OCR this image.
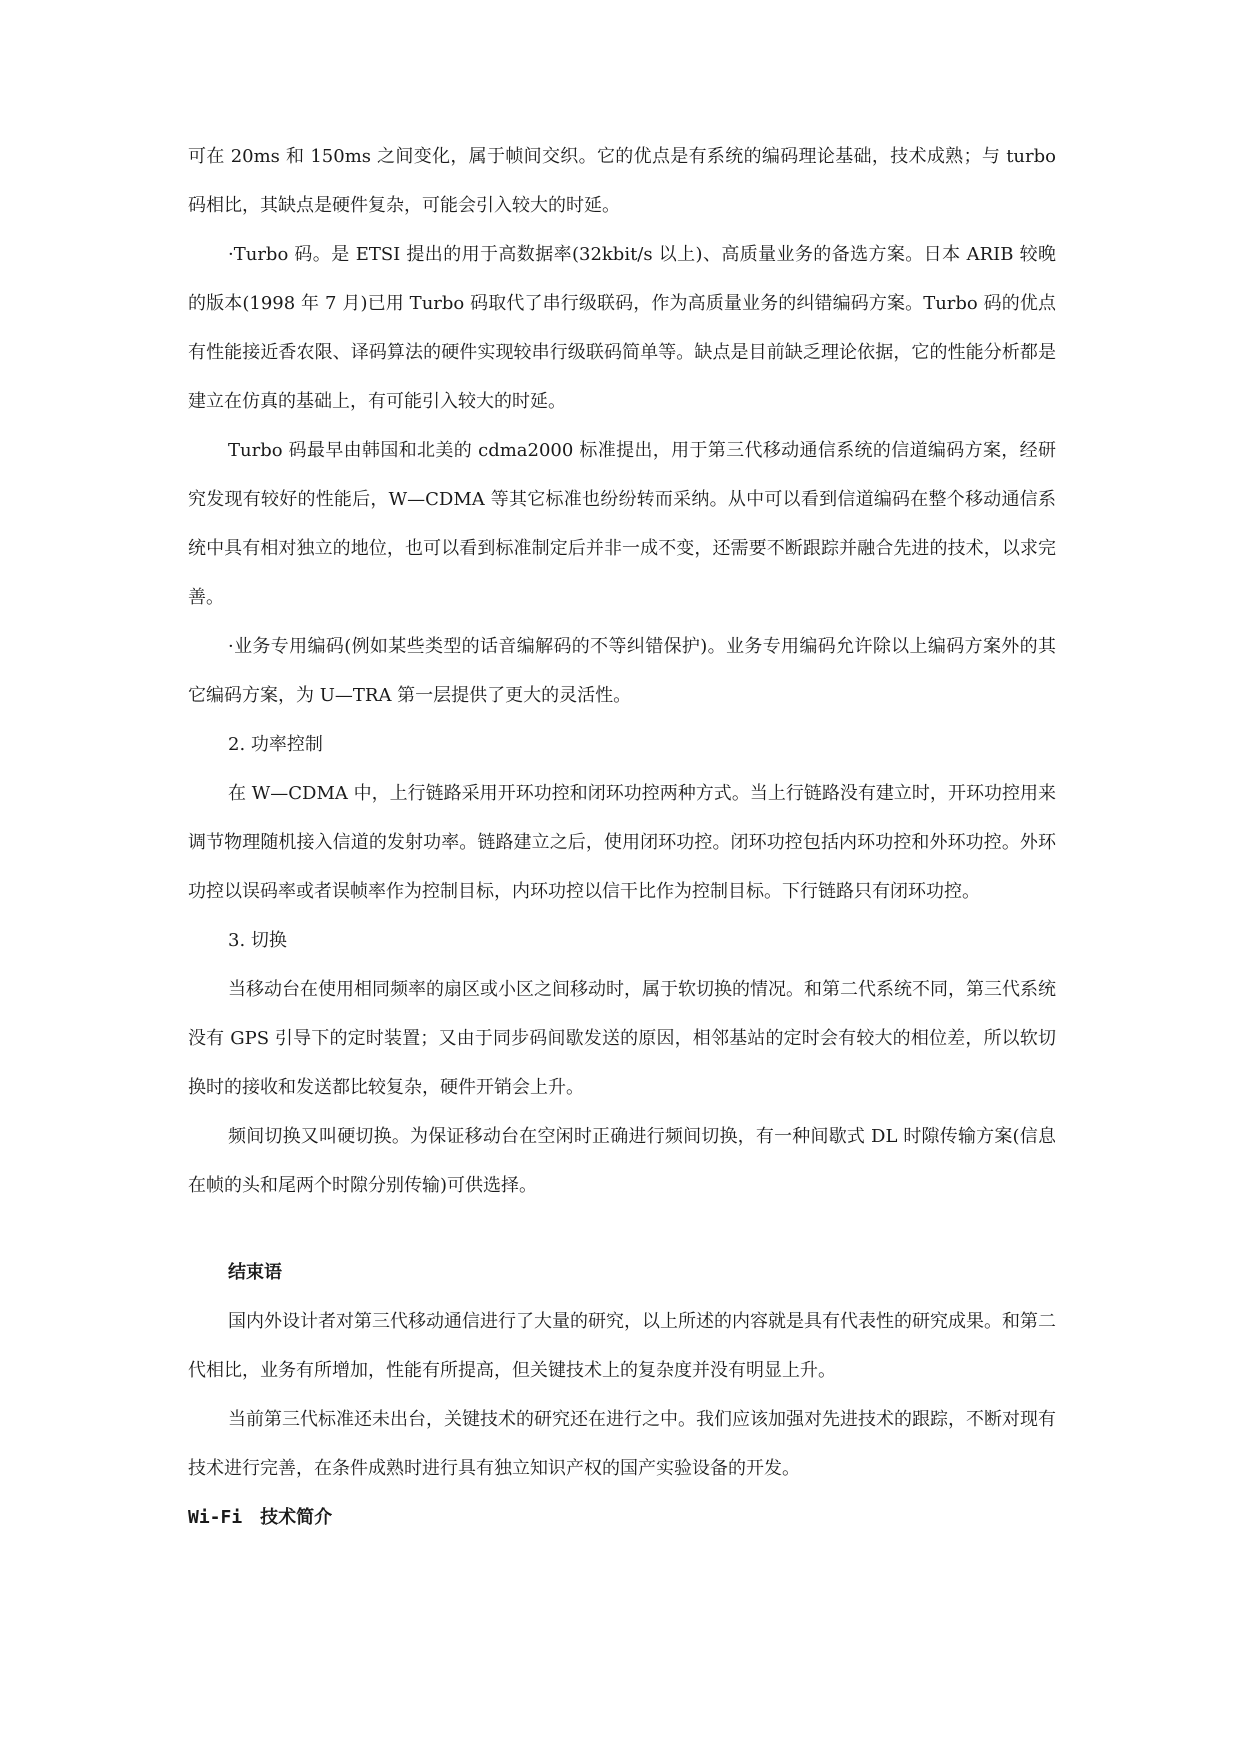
可在 20ms 和 150ms 之间变化，属于帧间交织。它的优点是有系统的编码理论基础，技术成熟；与 turbo 码相比，其缺点是硬件复杂，可能会引入较大的时延。

·Turbo 码。是 ETSI 提出的用于高数据率(32kbit/s 以上)、高质量业务的备选方案。日本 ARIB 较晚的版本(1998 年 7 月)已用 Turbo 码取代了串行级联码，作为高质量业务的纠错编码方案。Turbo 码的优点有性能接近香农限、译码算法的硬件实现较串行级联码简单等。缺点是目前缺乏理论依据，它的性能分析都是建立在仿真的基础上，有可能引入较大的时延。

Turbo 码最早由韩国和北美的 cdma2000 标准提出，用于第三代移动通信系统的信道编码方案，经研究发现有较好的性能后，W—CDMA 等其它标准也纷纷转而采纳。从中可以看到信道编码在整个移动通信系统中具有相对独立的地位，也可以看到标准制定后并非一成不变，还需要不断跟踪并融合先进的技术，以求完善。

·业务专用编码(例如某些类型的话音编解码的不等纠错保护)。业务专用编码允许除以上编码方案外的其它编码方案，为 U—TRA 第一层提供了更大的灵活性。

2. 功率控制

在 W—CDMA 中，上行链路采用开环功控和闭环功控两种方式。当上行链路没有建立时，开环功控用来调节物理随机接入信道的发射功率。链路建立之后，使用闭环功控。闭环功控包括内环功控和外环功控。外环功控以误码率或者误帧率作为控制目标，内环功控以信干比作为控制目标。下行链路只有闭环功控。

3. 切换

当移动台在使用相同频率的扇区或小区之间移动时，属于软切换的情况。和第二代系统不同，第三代系统没有 GPS 引导下的定时装置；又由于同步码间歇发送的原因，相邻基站的定时会有较大的相位差，所以软切换时的接收和发送都比较复杂，硬件开销会上升。

频间切换又叫硬切换。为保证移动台在空闲时正确进行频间切换，有一种间歇式 DL 时隙传输方案(信息在帧的头和尾两个时隙分别传输)可供选择。

结束语

国内外设计者对第三代移动通信进行了大量的研究，以上所述的内容就是具有代表性的研究成果。和第二代相比，业务有所增加，性能有所提高，但关键技术上的复杂度并没有明显上升。

当前第三代标准还未出台，关键技术的研究还在进行之中。我们应该加强对先进技术的跟踪，不断对现有技术进行完善，在条件成熟时进行具有独立知识产权的国产实验设备的开发。

Wi-Fi　技术简介
